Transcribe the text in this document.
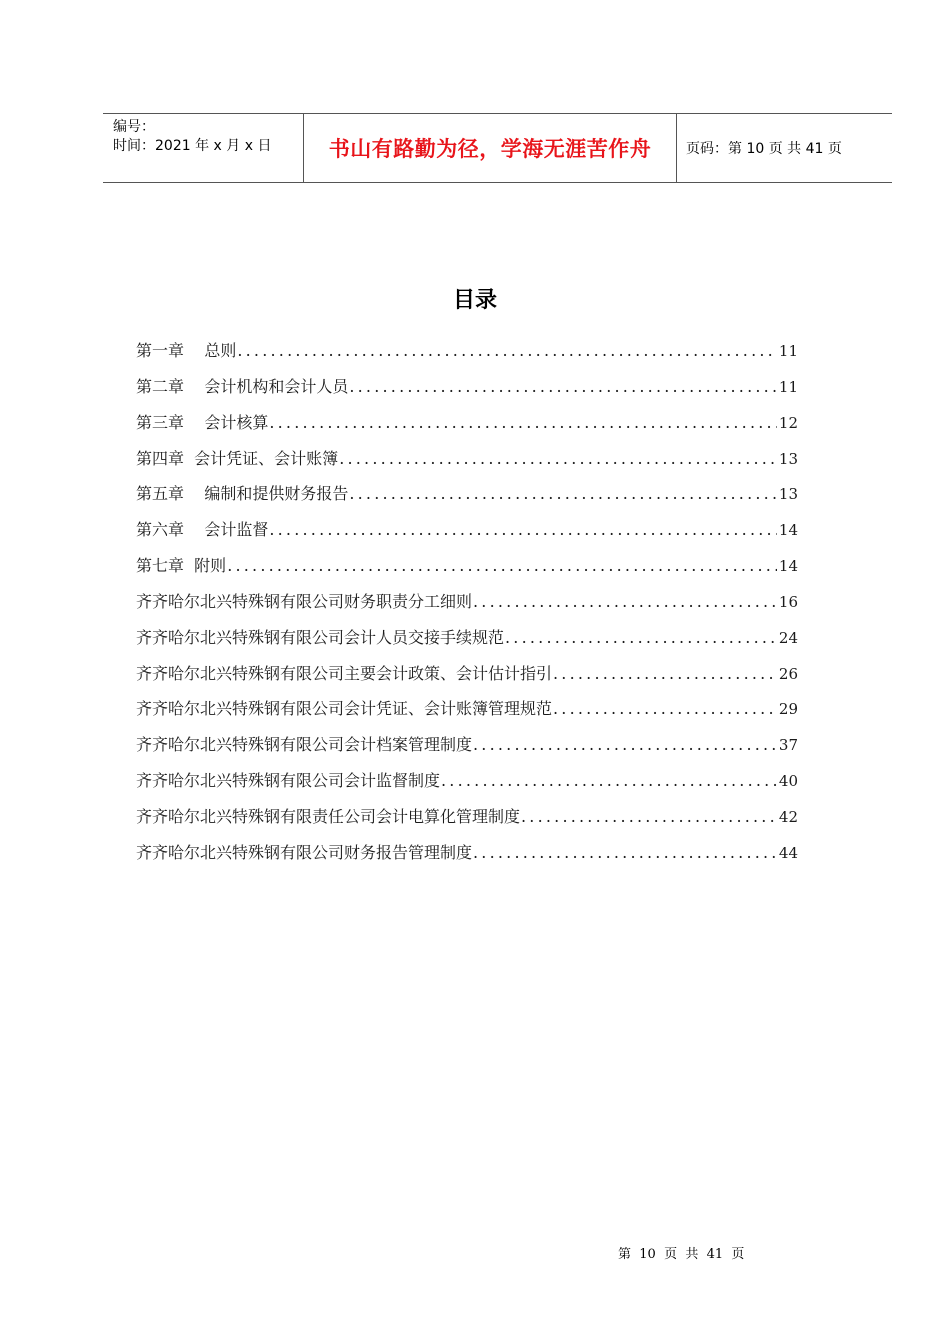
编号：
时间：2021 年 x 月 x 日	书山有路勤为径，学海无涯苦作舟 页码：第 10 页 共 41 页
目录
第一章    总则 .....	11
第二章    会计机构和会计人员 .....	11
第三章    会计核算 .....	12
第四章  会计凭证、会计账簿 .....	13
第五章    编制和提供财务报告 .....	13
第六章    会计监督 .....	14
第七章  附则 .....	14
齐齐哈尔北兴特殊钢有限公司财务职责分工细则 .....	16
齐齐哈尔北兴特殊钢有限公司会计人员交接手续规范 .....	24
齐齐哈尔北兴特殊钢有限公司主要会计政策、会计估计指引 .....	26
齐齐哈尔北兴特殊钢有限公司会计凭证、会计账簿管理规范 .....	29
齐齐哈尔北兴特殊钢有限公司会计档案管理制度 .....	37
齐齐哈尔北兴特殊钢有限公司会计监督制度 .....	40
齐齐哈尔北兴特殊钢有限责任公司会计电算化管理制度 .....	42
齐齐哈尔北兴特殊钢有限公司财务报告管理制度 .....	44
第  10  页  共  41  页
